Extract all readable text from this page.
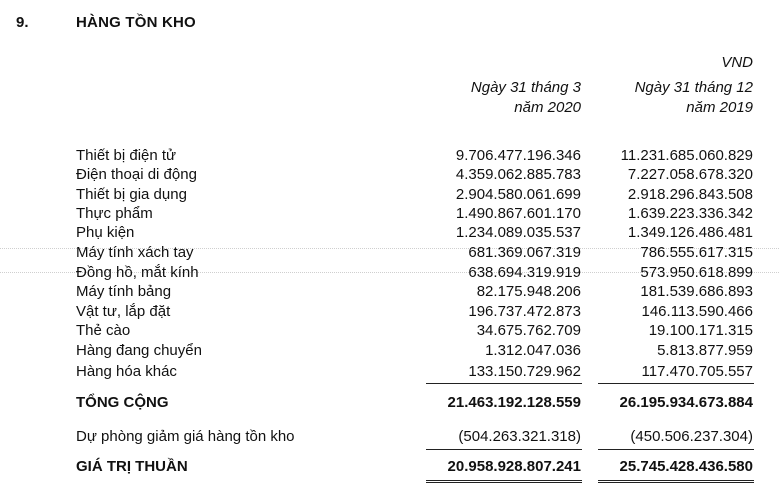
9.	HÀNG TỒN KHO
VND
Ngày 31 tháng 3
năm 2020
Ngày 31 tháng 12
năm 2019
Thiết bị điện tử	9.706.477.196.346	11.231.685.060.829
Điện thoại di động	4.359.062.885.783	7.227.058.678.320
Thiết bị gia dụng	2.904.580.061.699	2.918.296.843.508
Thực phẩm	1.490.867.601.170	1.639.223.336.342
Phụ kiện	1.234.089.035.537	1.349.126.486.481
Máy tính xách tay	681.369.067.319	786.555.617.315
Đồng hồ, mắt kính	638.694.319.919	573.950.618.899
Máy tính bảng	82.175.948.206	181.539.686.893
Vật tư, lắp đặt	196.737.472.873	146.113.590.466
Thẻ cào	34.675.762.709	19.100.171.315
Hàng đang chuyển	1.312.047.036	5.813.877.959
Hàng hóa khác	133.150.729.962	117.470.705.557
TỔNG CỘNG	21.463.192.128.559	26.195.934.673.884
Dự phòng giảm giá hàng tồn kho	(504.263.321.318)	(450.506.237.304)
GIÁ TRỊ THUẦN	20.958.928.807.241	25.745.428.436.580
